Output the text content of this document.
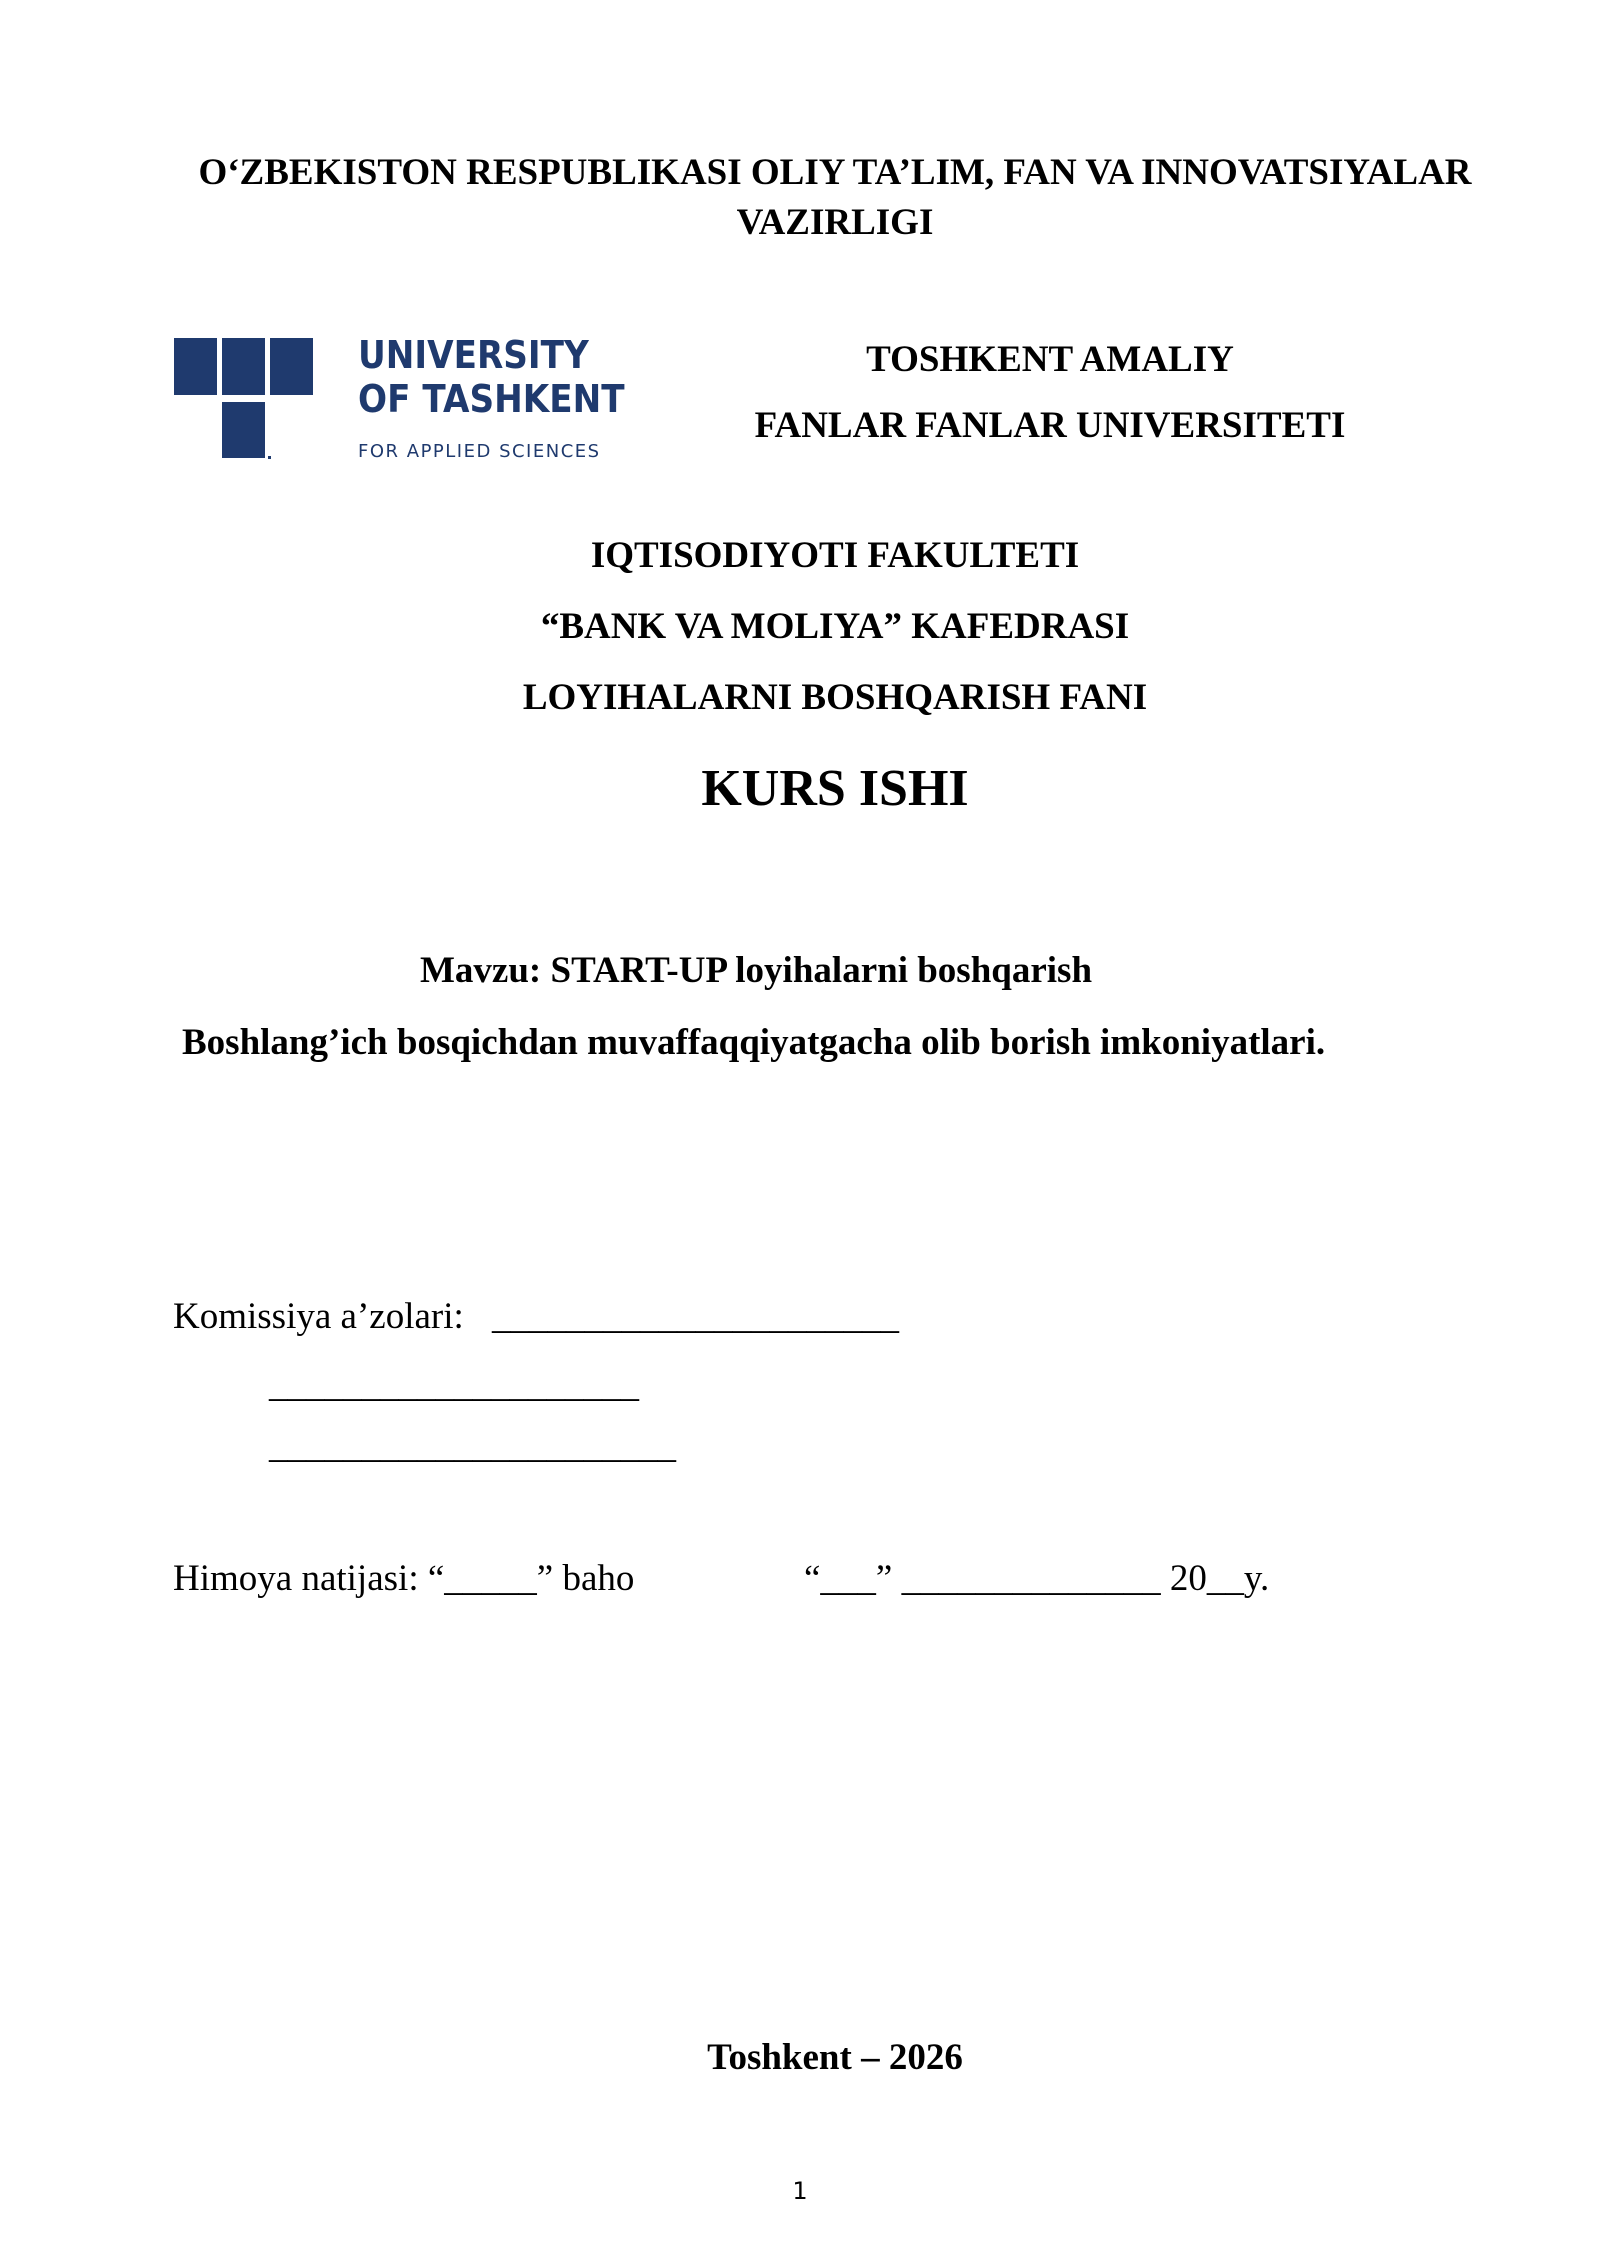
O‘ZBEKISTON RESPUBLIKASI OLIY TA’LIM, FAN VA INNOVATSIYALAR
VAZIRLIGI
UNIVERSITY
OF TASHKENT
FOR APPLIED SCIENCES
TOSHKENT AMALIY
FANLAR FANLAR UNIVERSITETI
IQTISODIYOTI FAKULTETI
“BANK VA MOLIYA” KAFEDRASI
LOYIHALARNI BOSHQARISH FANI
KURS ISHI
Mavzu: START-UP loyihalarni boshqarish
Boshlang’ich bosqichdan muvaffaqqiyatgacha olib borish imkoniyatlari.
Komissiya a’zolari: ______________________
____________________
______________________
Himoya natijasi: “_____” baho	“___” ______________ 20__y.
Toshkent – 2026
1
